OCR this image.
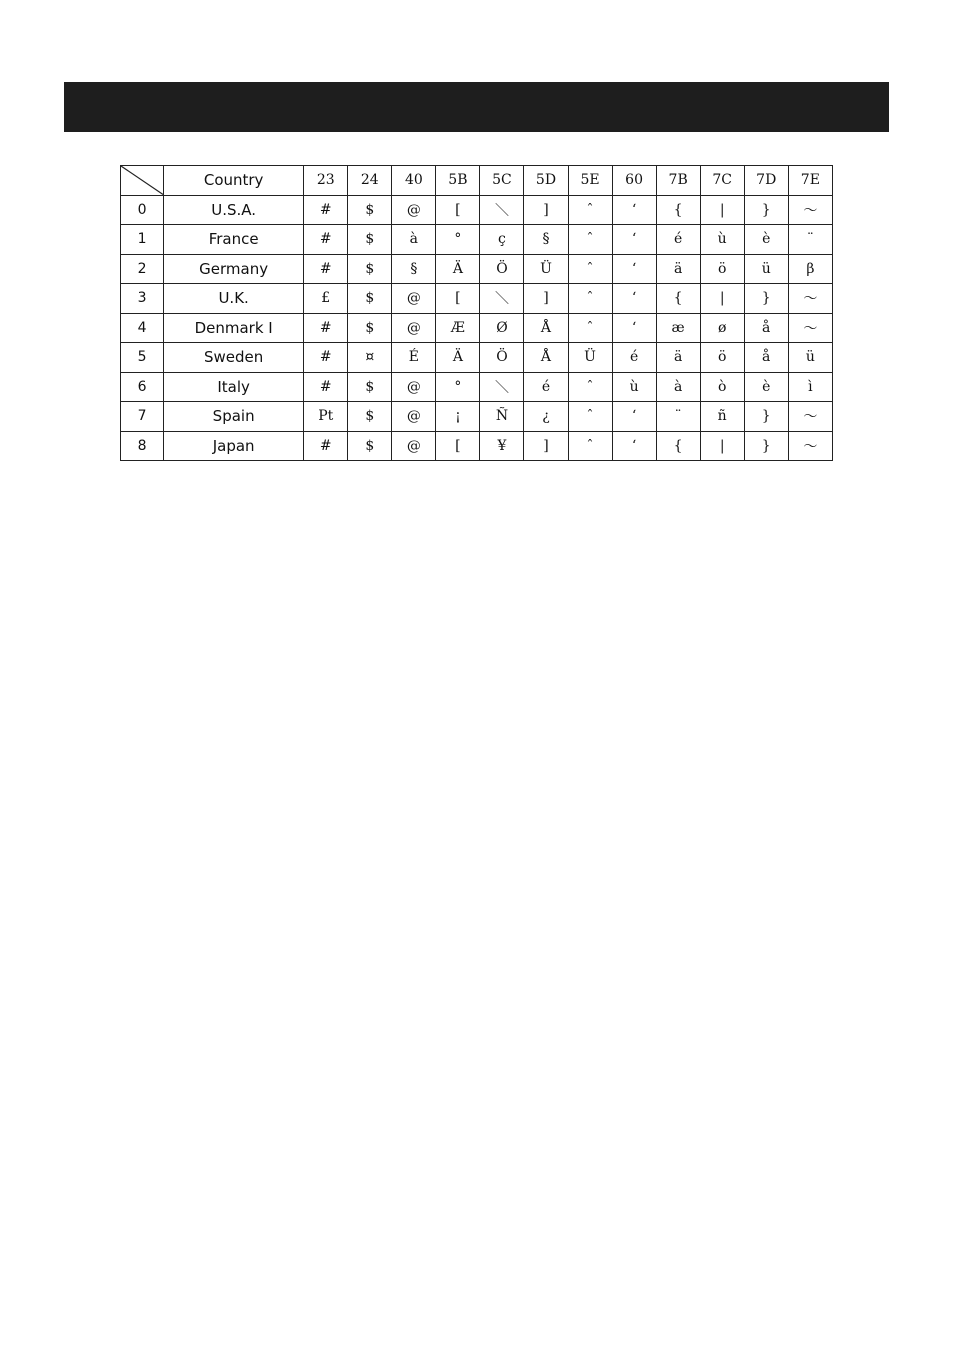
	Country	23	24	40	5B	5C	5D	5E	60	7B	7C	7D	7E
0	U.S.A.	#	$	@	[	＼	]	ˆ	‘	{	|	}	～
1	France	#	$	à	°	ç	§	ˆ	‘	é	ù	è	¨
2	Germany	#	$	§	Ä	Ö	Ü	ˆ	‘	ä	ö	ü	β
3	U.K.	£	$	@	[	＼	]	ˆ	‘	{	|	}	～
4	Denmark I	#	$	@	Æ	Ø	Å	ˆ	‘	æ	ø	å	～
5	Sweden	#	¤	É	Ä	Ö	Å	Ü	é	ä	ö	å	ü
6	Italy	#	$	@	°	＼	é	ˆ	ù	à	ò	è	ì
7	Spain	Pt	$	@	¡	Ñ	¿	ˆ	‘	¨	ñ	}	～
8	Japan	#	$	@	[	¥	]	ˆ	‘	{	|	}	～
